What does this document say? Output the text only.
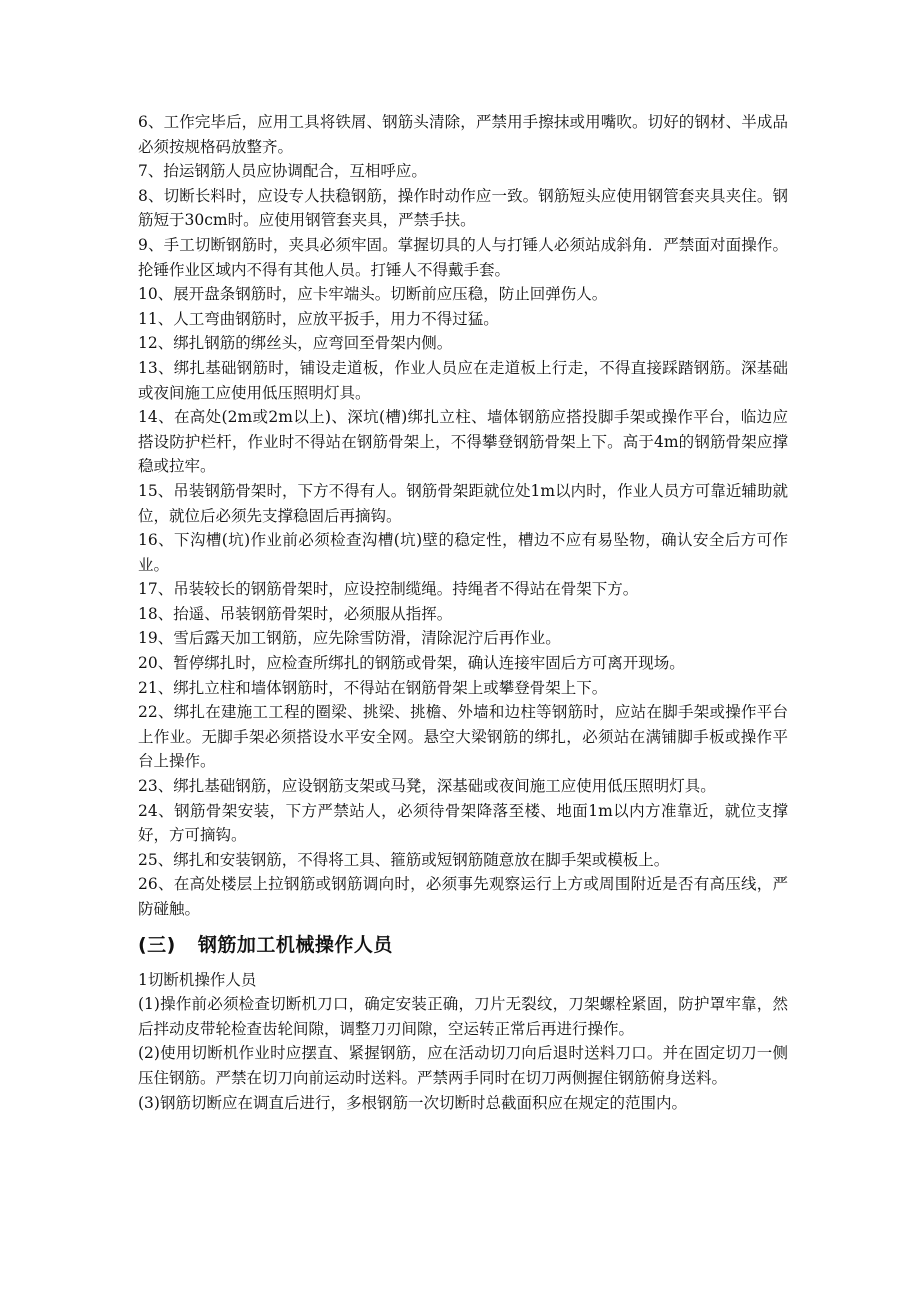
6、工作完毕后，应用工具将铁屑、钢筋头清除，严禁用手擦抹或用嘴吹。切好的钢材、半成品必须按规格码放整齐。

7、抬运钢筋人员应协调配合，互相呼应。

8、切断长料时，应设专人扶稳钢筋，操作时动作应一致。钢筋短头应使用钢管套夹具夹住。钢筋短于30cm时。应使用钢管套夹具，严禁手扶。

9、手工切断钢筋时，夹具必须牢固。掌握切具的人与打锤人必须站成斜角．严禁面对面操作。抡锤作业区域内不得有其他人员。打锤人不得戴手套。

10、展开盘条钢筋时，应卡牢端头。切断前应压稳，防止回弹伤人。

11、人工弯曲钢筋时，应放平扳手，用力不得过猛。

12、绑扎钢筋的绑丝头，应弯回至骨架内侧。

13、绑扎基础钢筋时，铺设走道板，作业人员应在走道板上行走，不得直接踩踏钢筋。深基础或夜间施工应使用低压照明灯具。

14、在高处(2m或2m以上)、深坑(槽)绑扎立柱、墙体钢筋应搭投脚手架或操作平台，临边应搭设防护栏杆，作业时不得站在钢筋骨架上，不得攀登钢筋骨架上下。高于4m的钢筋骨架应撑稳或拉牢。

15、吊装钢筋骨架时，下方不得有人。钢筋骨架距就位处1m以内时，作业人员方可靠近辅助就位，就位后必须先支撑稳固后再摘钩。

16、下沟槽(坑)作业前必须检查沟槽(坑)壁的稳定性，槽边不应有易坠物，确认安全后方可作业。

17、吊装较长的钢筋骨架时，应设控制缆绳。持绳者不得站在骨架下方。

18、抬遥、吊装钢筋骨架时，必须服从指挥。

19、雪后露天加工钢筋，应先除雪防滑，清除泥泞后再作业。

20、暂停绑扎时，应检查所绑扎的钢筋或骨架，确认连接牢固后方可离开现场。

21、绑扎立柱和墙体钢筋时，不得站在钢筋骨架上或攀登骨架上下。

22、绑扎在建施工工程的圈梁、挑梁、挑檐、外墙和边柱等钢筋时，应站在脚手架或操作平台上作业。无脚手架必须搭设水平安全网。悬空大梁钢筋的绑扎，必须站在满铺脚手板或操作平台上操作。

23、绑扎基础钢筋，应设钢筋支架或马凳，深基础或夜间施工应使用低压照明灯具。

24、钢筋骨架安装，下方严禁站人，必须待骨架降落至楼、地面1m以内方准靠近，就位支撑好，方可摘钩。

25、绑扎和安装钢筋，不得将工具、箍筋或短钢筋随意放在脚手架或模板上。

26、在高处楼层上拉钢筋或钢筋调向时，必须事先观察运行上方或周围附近是否有高压线，严防碰触。

(三) 钢筋加工机械操作人员

1切断机操作人员

(1)操作前必须检查切断机刀口，确定安装正确，刀片无裂纹，刀架螺栓紧固，防护罩牢靠，然后拌动皮带轮检查齿轮间隙，调整刀刃间隙，空运转正常后再进行操作。

(2)使用切断机作业时应摆直、紧握钢筋，应在活动切刀向后退时送料刀口。并在固定切刀一侧压住钢筋。严禁在切刀向前运动时送料。严禁两手同时在切刀两侧握住钢筋俯身送料。

(3)钢筋切断应在调直后进行，多根钢筋一次切断时总截面积应在规定的范围内。
